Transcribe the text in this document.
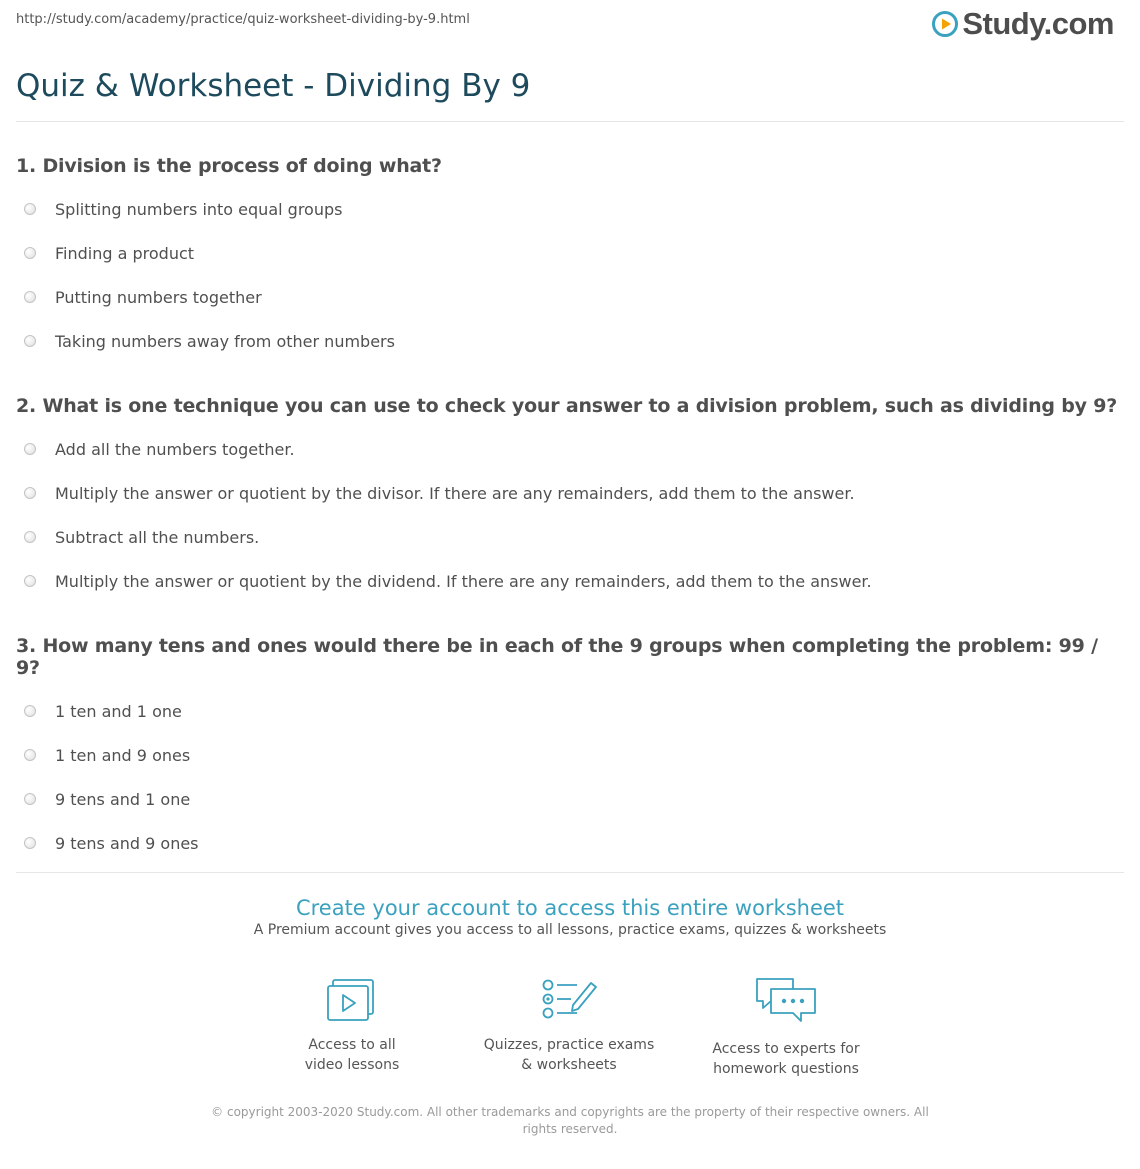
http://study.com/academy/practice/quiz-worksheet-dividing-by-9.html	Study.com
Quiz & Worksheet - Dividing By 9

1. Division is the process of doing what?

Splitting numbers into equal groups
Finding a product
Putting numbers together
Taking numbers away from other numbers

2. What is one technique you can use to check your answer to a division problem, such as dividing by 9?

Add all the numbers together.
Multiply the answer or quotient by the divisor. If there are any remainders, add them to the answer.
Subtract all the numbers.
Multiply the answer or quotient by the dividend. If there are any remainders, add them to the answer.

3. How many tens and ones would there be in each of the 9 groups when completing the problem: 99 / 9?

1 ten and 1 one
1 ten and 9 ones
9 tens and 1 one
9 tens and 9 ones

Create your account to access this entire worksheet

A Premium account gives you access to all lessons, practice exams, quizzes & worksheets

Access to all
video lessons
Quizzes, practice exams
& worksheets
Access to experts for
homework questions
© copyright 2003-2020 Study.com. All other trademarks and copyrights are the property of their respective owners. All rights reserved.
